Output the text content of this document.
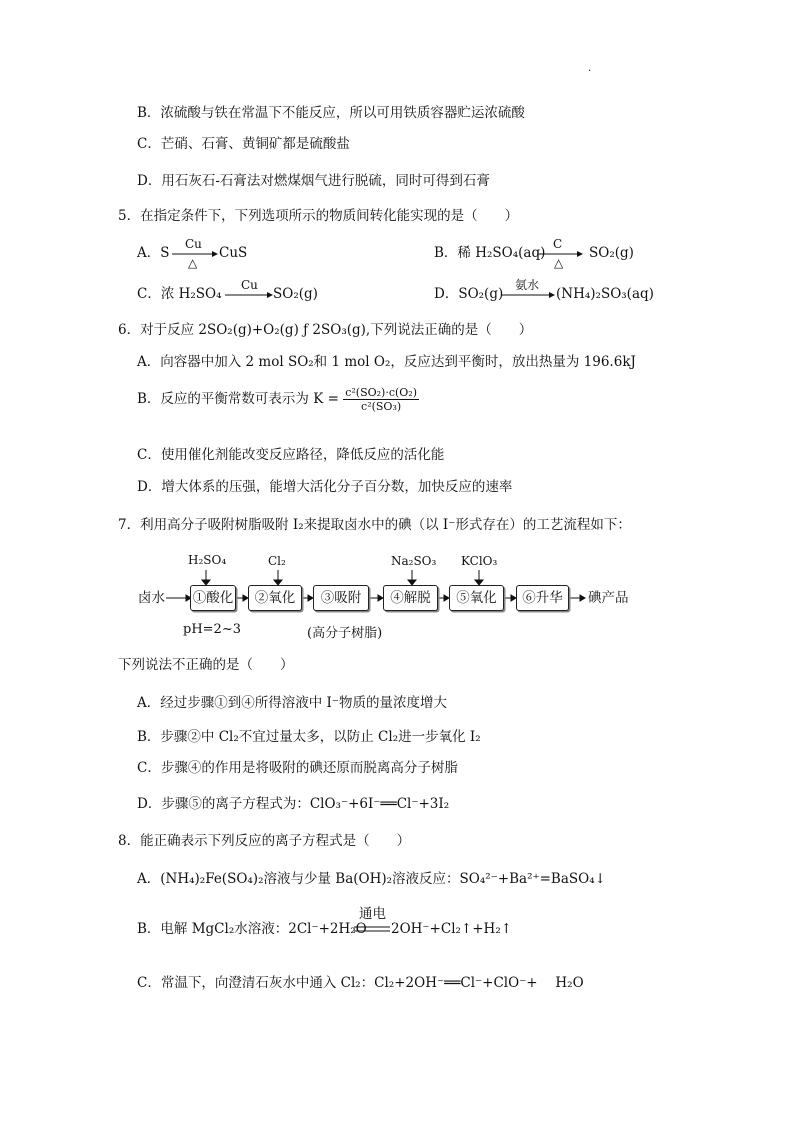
.
B．浓硫酸与铁在常温下不能反应，所以可用铁质容器贮运浓硫酸
C．芒硝、石膏、黄铜矿都是硫酸盐
D．用石灰石-石膏法对燃煤烟气进行脱硫，同时可得到石膏
5．在指定条件下，下列选项所示的物质间转化能实现的是（　　）
A．S
Cu
△
CuS	B．稀 H₂SO₄(aq)
C
△
SO₂(g)
C．浓 H₂SO₄
Cu
SO₂(g)	D．SO₂(g)
氨水
(NH₄)₂SO₃(aq)
6．对于反应 2SO₂(g)+O₂(g) ƒ 2SO₃(g),下列说法正确的是（　　）
A．向容器中加入 2 mol SO₂和 1 mol O₂，反应达到平衡时，放出热量为 196.6kJ
B．反应的平衡常数可表示为 $K = \frac{\text{c²(SO₂)·c(O₂)}}{\text{c²(SO₃)}}$
C．使用催化剂能改变反应路径，降低反应的活化能
D．增大体系的压强，能增大活化分子百分数，加快反应的速率
7．利用高分子吸附树脂吸附 I₂来提取卤水中的碘（以 I⁻形式存在）的工艺流程如下：
卤水 ①酸化	②氧化	③吸附	④解脱	⑤氧化	⑥升华	碘产品
H₂SO₄	Cl₂	Na₂SO₃ KClO₃
pH=2~3	(高分子树脂)
下列说法不正确的是（　　）
A．经过步骤①到④所得溶液中 I⁻物质的量浓度增大
B．步骤②中 Cl₂不宜过量太多，以防止 Cl₂进一步氧化 I₂
C．步骤④的作用是将吸附的碘还原而脱离高分子树脂
D．步骤⑤的离子方程式为：ClO₃⁻+6I⁻══Cl⁻+3I₂
8．能正确表示下列反应的离子方程式是（　　）
A．(NH₄)₂Fe(SO₄)₂溶液与少量 Ba(OH)₂溶液反应：SO₄²⁻+Ba²⁺=BaSO₄↓
B．电解 MgCl₂水溶液：2Cl⁻+2H₂O
通电
2OH⁻+Cl₂↑+H₂↑
C．常温下，向澄清石灰水中通入 Cl₂：Cl₂+2OH⁻══Cl⁻+ClO⁻+　 H₂O
